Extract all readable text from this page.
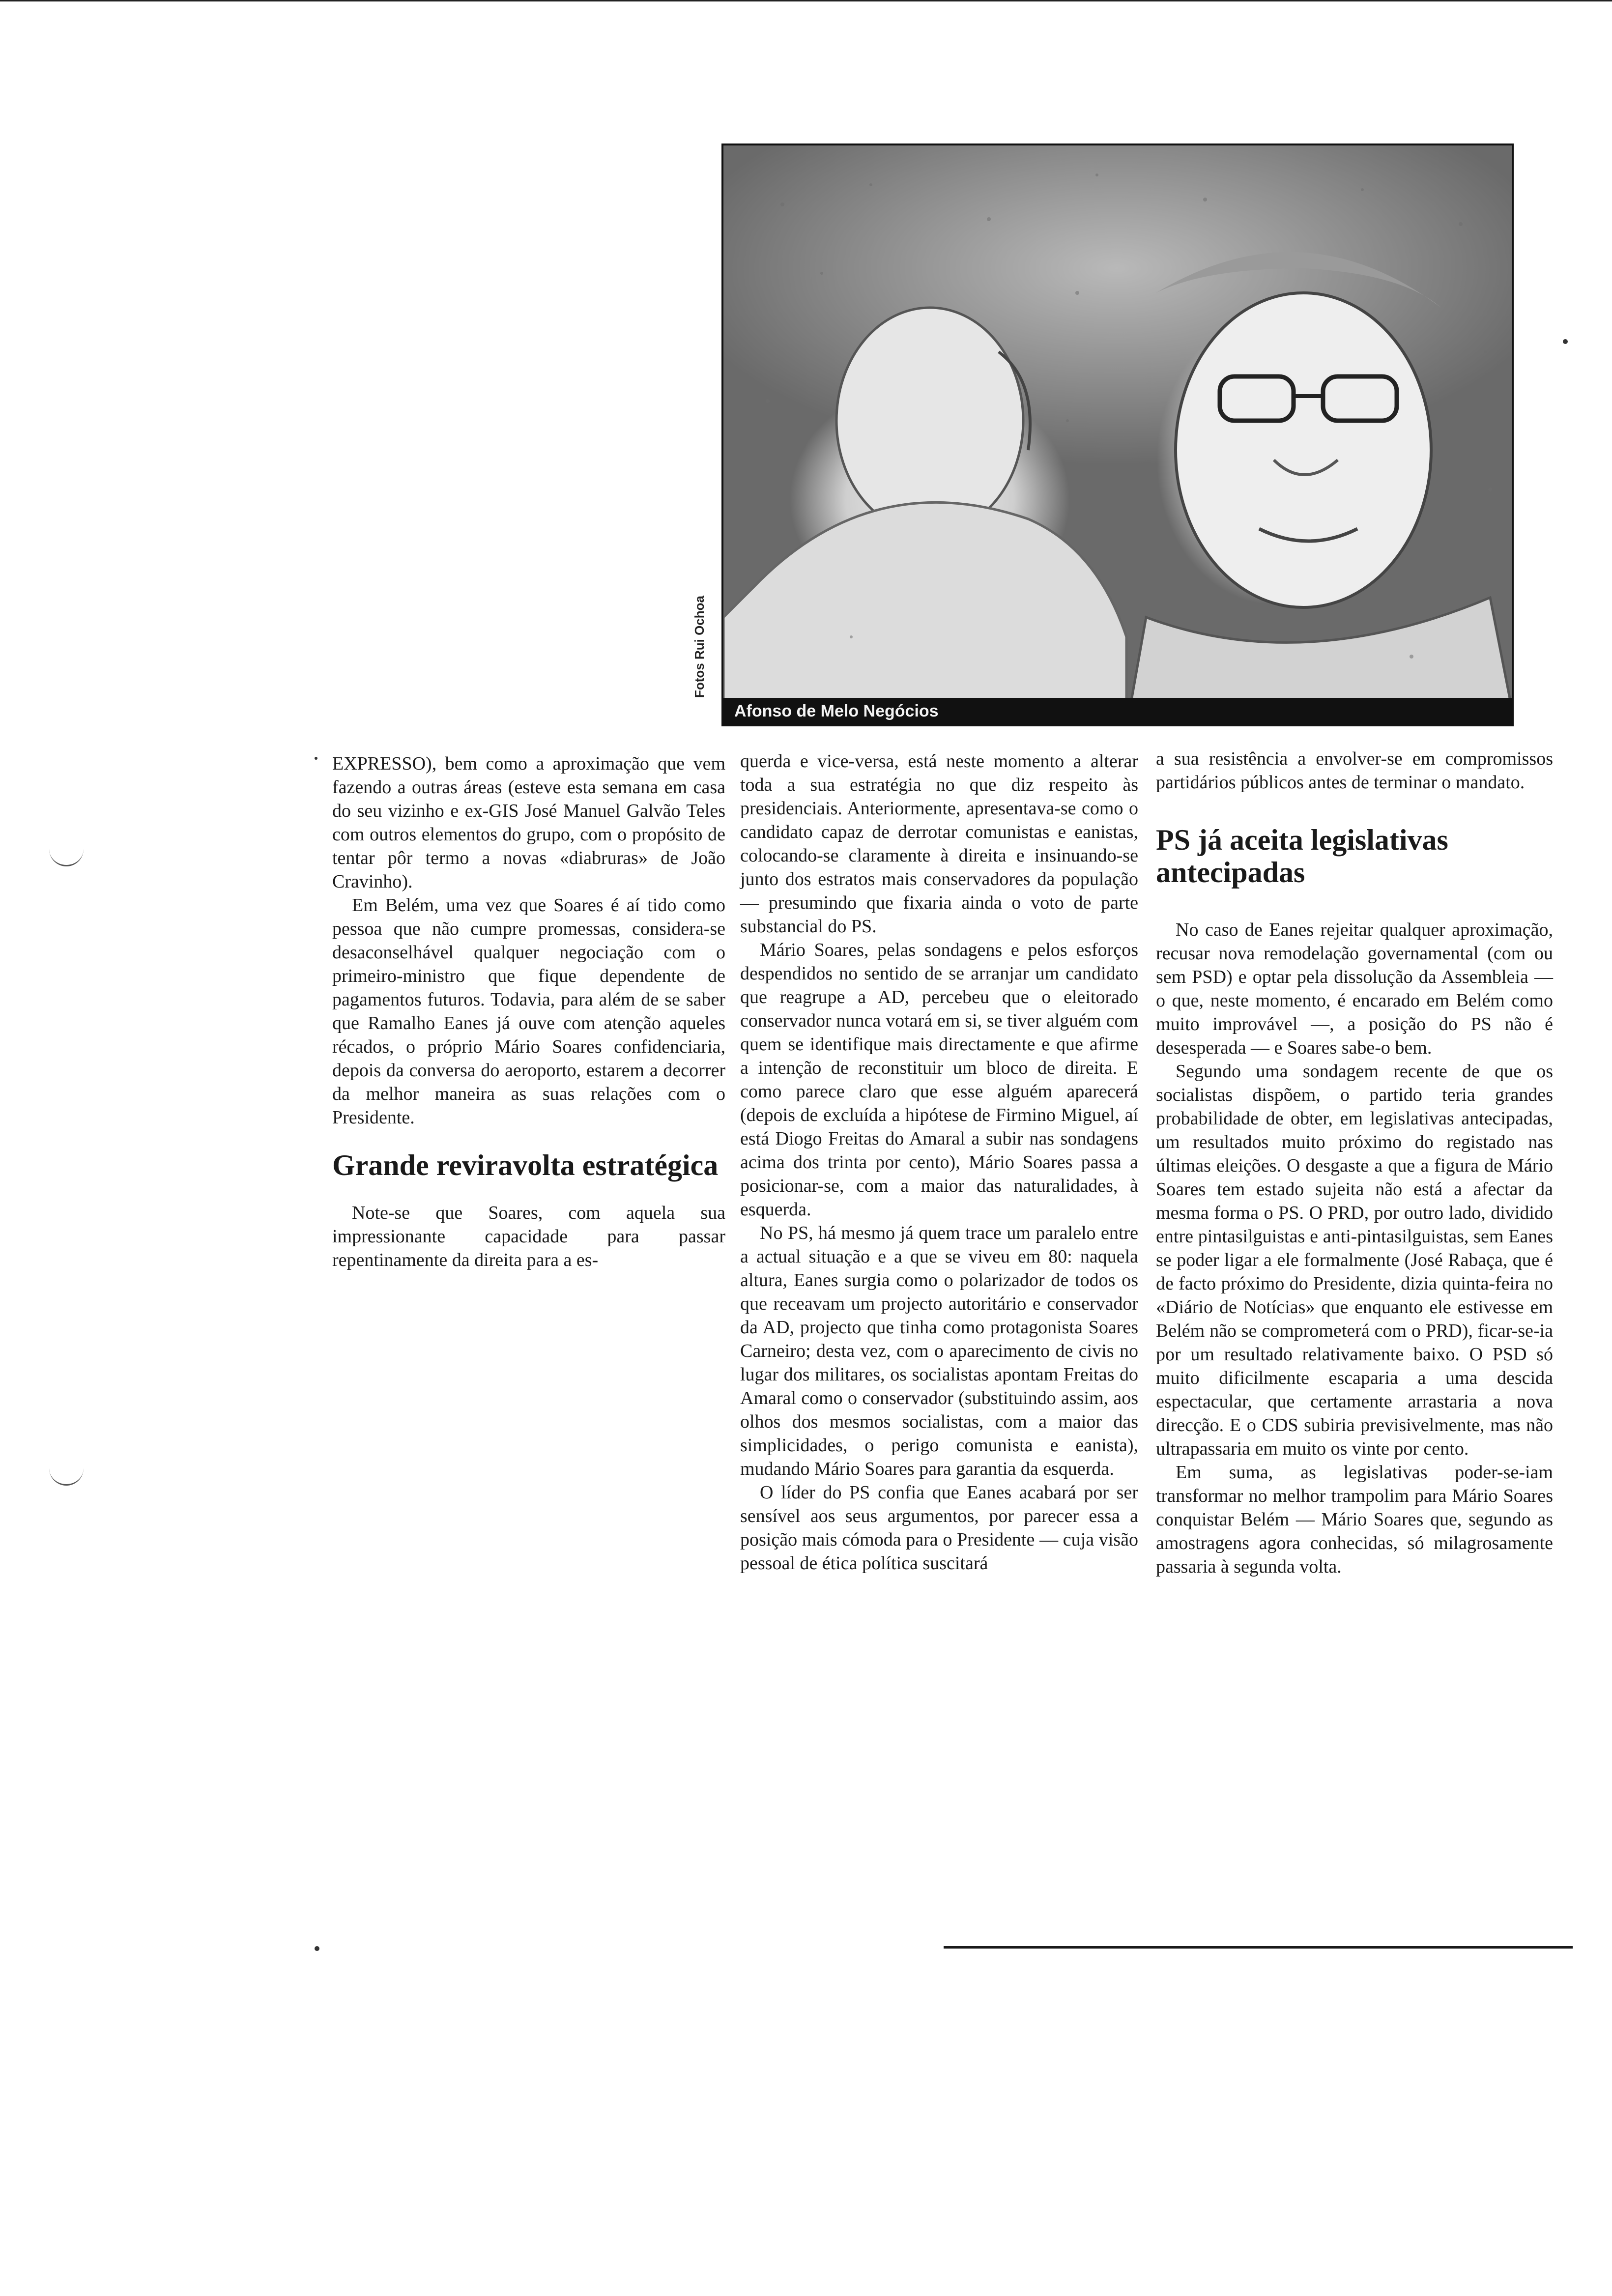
Afonso de Melo Negócios
Fotos Rui Ochoa

EXPRESSO), bem como a aproximação que vem fazendo a outras áreas (esteve esta semana em casa do seu vizinho e ex-GIS José Manuel Galvão Teles com outros elementos do grupo, com o propósito de tentar pôr termo a novas «diabruras» de João Cravinho).

Em Belém, uma vez que Soares é aí tido como pessoa que não cumpre promessas, considera-se desaconselhável qualquer negociação com o primeiro-ministro que fique dependente de pagamentos futuros. Todavia, para além de se saber que Ramalho Eanes já ouve com atenção aqueles récados, o próprio Mário Soares confidenciaria, depois da conversa do aeroporto, estarem a decorrer da melhor maneira as suas relações com o Presidente.

Grande reviravolta estratégica

Note-se que Soares, com aquela sua impressionante capacidade para passar repentinamente da direita para a es-

querda e vice-versa, está neste momento a alterar toda a sua estratégia no que diz respeito às presidenciais. Anteriormente, apresentava-se como o candidato capaz de derrotar comunistas e eanistas, colocando-se claramente à direita e insinuando-se junto dos estratos mais conservadores da população — presumindo que fixaria ainda o voto de parte substancial do PS.

Mário Soares, pelas sondagens e pelos esforços despendidos no sentido de se arranjar um candidato que reagrupe a AD, percebeu que o eleitorado conservador nunca votará em si, se tiver alguém com quem se identifique mais directamente e que afirme a intenção de reconstituir um bloco de direita. E como parece claro que esse alguém aparecerá (depois de excluída a hipótese de Firmino Miguel, aí está Diogo Freitas do Amaral a subir nas sondagens acima dos trinta por cento), Mário Soares passa a posicionar-se, com a maior das naturalidades, à esquerda.

No PS, há mesmo já quem trace um paralelo entre a actual situação e a que se viveu em 80: naquela altura, Eanes surgia como o polarizador de todos os que receavam um projecto autoritário e conservador da AD, projecto que tinha como protagonista Soares Carneiro; desta vez, com o aparecimento de civis no lugar dos militares, os socialistas apontam Freitas do Amaral como o conservador (substituindo assim, aos olhos dos mesmos socialistas, com a maior das simplicidades, o perigo comunista e eanista), mudando Mário Soares para garantia da esquerda.

O líder do PS confia que Eanes acabará por ser sensível aos seus argumentos, por parecer essa a posição mais cómoda para o Presidente — cuja visão pessoal de ética política suscitará

a sua resistência a envolver-se em compromissos partidários públicos antes de terminar o mandato.

PS já aceita legislativas antecipadas

No caso de Eanes rejeitar qualquer aproximação, recusar nova remodelação governamental (com ou sem PSD) e optar pela dissolução da Assembleia — o que, neste momento, é encarado em Belém como muito improvável —, a posição do PS não é desesperada — e Soares sabe-o bem.

Segundo uma sondagem recente de que os socialistas dispõem, o partido teria grandes probabilidade de obter, em legislativas antecipadas, um resultados muito próximo do registado nas últimas eleições. O desgaste a que a figura de Mário Soares tem estado sujeita não está a afectar da mesma forma o PS. O PRD, por outro lado, dividido entre pintasilguistas e anti-pintasilguistas, sem Eanes se poder ligar a ele formalmente (José Rabaça, que é de facto próximo do Presidente, dizia quinta-feira no «Diário de Notícias» que enquanto ele estivesse em Belém não se comprometerá com o PRD), ficar-se-ia por um resultado relativamente baixo. O PSD só muito dificilmente escaparia a uma descida espectacular, que certamente arrastaria a nova direcção. E o CDS subiria previsivelmente, mas não ultrapassaria em muito os vinte por cento.

Em suma, as legislativas poder-se-iam transformar no melhor trampolim para Mário Soares conquistar Belém — Mário Soares que, segundo as amostragens agora conhecidas, só milagrosamente passaria à segunda volta.
